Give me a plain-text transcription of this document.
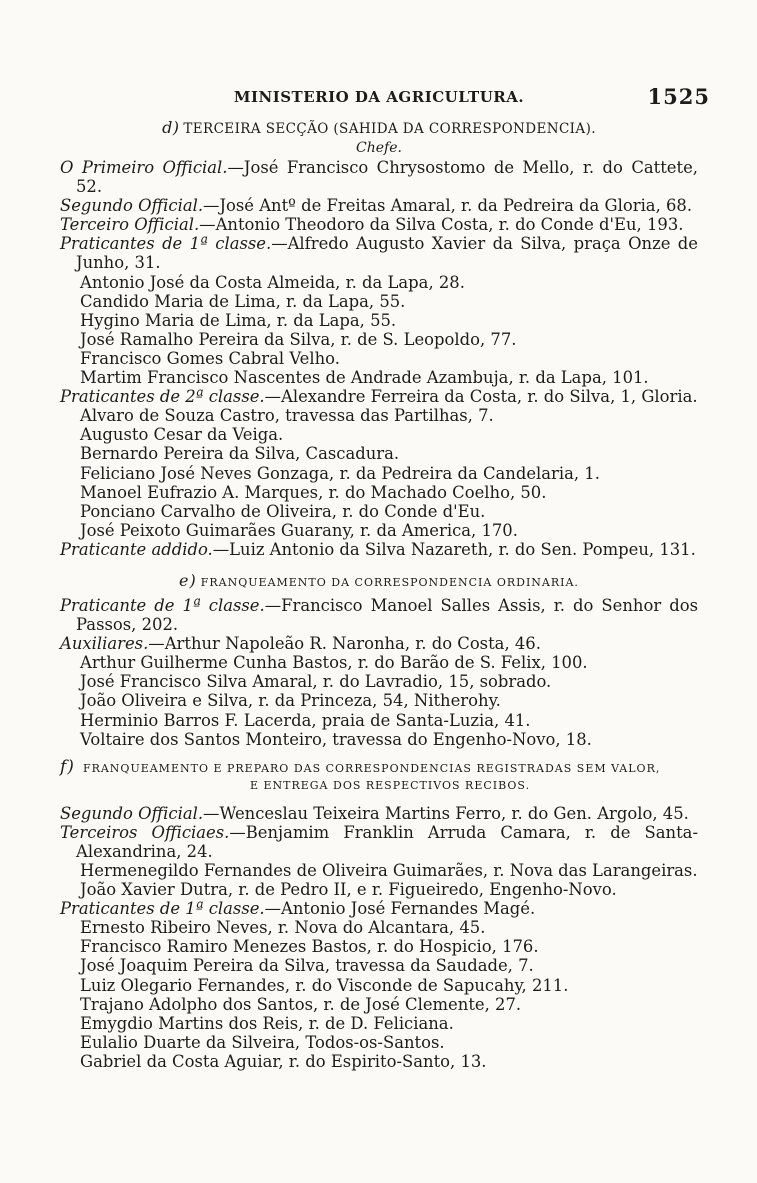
MINISTERIO DA AGRICULTURA.	1525
d) TERCEIRA SECÇÃO (SAHIDA DA CORRESPONDENCIA).
Chefe.
O Primeiro Official.—José Francisco Chrysostomo de Mello, r. do Cattete, 52.
Segundo Official.—José Antº de Freitas Amaral, r. da Pedreira da Gloria, 68.
Terceiro Official.—Antonio Theodoro da Silva Costa, r. do Conde d'Eu, 193.
Praticantes de 1ª classe.—Alfredo Augusto Xavier da Silva, praça Onze de Junho, 31.
Antonio José da Costa Almeida, r. da Lapa, 28.
Candido Maria de Lima, r. da Lapa, 55.
Hygino Maria de Lima, r. da Lapa, 55.
José Ramalho Pereira da Silva, r. de S. Leopoldo, 77.
Francisco Gomes Cabral Velho.
Martim Francisco Nascentes de Andrade Azambuja, r. da Lapa, 101.
Praticantes de 2ª classe.—Alexandre Ferreira da Costa, r. do Silva, 1, Gloria.
Alvaro de Souza Castro, travessa das Partilhas, 7.
Augusto Cesar da Veiga.
Bernardo Pereira da Silva, Cascadura.
Feliciano José Neves Gonzaga, r. da Pedreira da Candelaria, 1.
Manoel Eufrazio A. Marques, r. do Machado Coelho, 50.
Ponciano Carvalho de Oliveira, r. do Conde d'Eu.
José Peixoto Guimarães Guarany, r. da America, 170.
Praticante addido.—Luiz Antonio da Silva Nazareth, r. do Sen. Pompeu, 131.
e) FRANQUEAMENTO DA CORRESPONDENCIA ORDINARIA.
Praticante de 1ª classe.—Francisco Manoel Salles Assis, r. do Senhor dos Passos, 202.
Auxiliares.—Arthur Napoleão R. Naronha, r. do Costa, 46.
Arthur Guilherme Cunha Bastos, r. do Barão de S. Felix, 100.
José Francisco Silva Amaral, r. do Lavradio, 15, sobrado.
João Oliveira e Silva, r. da Princeza, 54, Nitherohy.
Herminio Barros F. Lacerda, praia de Santa-Luzia, 41.
Voltaire dos Santos Monteiro, travessa do Engenho-Novo, 18.
f) FRANQUEAMENTO E PREPARO DAS CORRESPONDENCIAS REGISTRADAS SEM VALOR,
E ENTREGA DOS RESPECTIVOS RECIBOS.
Segundo Official.—Wenceslau Teixeira Martins Ferro, r. do Gen. Argolo, 45.
Terceiros Officiaes.—Benjamim Franklin Arruda Camara, r. de Santa-Alexandrina, 24.
Hermenegildo Fernandes de Oliveira Guimarães, r. Nova das Larangeiras.
João Xavier Dutra, r. de Pedro II, e r. Figueiredo, Engenho-Novo.
Praticantes de 1ª classe.—Antonio José Fernandes Magé.
Ernesto Ribeiro Neves, r. Nova do Alcantara, 45.
Francisco Ramiro Menezes Bastos, r. do Hospicio, 176.
José Joaquim Pereira da Silva, travessa da Saudade, 7.
Luiz Olegario Fernandes, r. do Visconde de Sapucahy, 211.
Trajano Adolpho dos Santos, r. de José Clemente, 27.
Emygdio Martins dos Reis, r. de D. Feliciana.
Eulalio Duarte da Silveira, Todos-os-Santos.
Gabriel da Costa Aguiar, r. do Espirito-Santo, 13.
